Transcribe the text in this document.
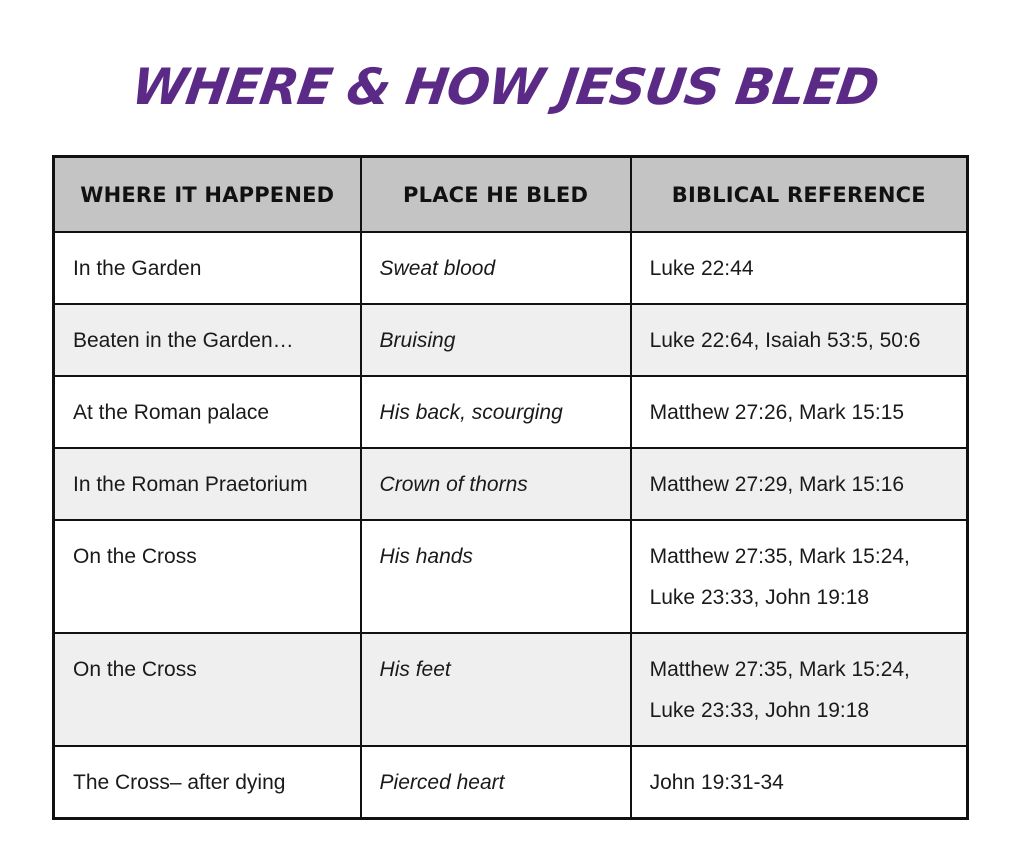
WHERE & HOW JESUS BLED
WHERE IT HAPPENED	PLACE HE BLED	BIBLICAL REFERENCE
In the Garden	Sweat blood	Luke 22:44

Beaten in the Garden…	Bruising	Luke 22:64, Isaiah 53:5, 50:6

At the Roman palace	His back, scourging	Matthew 27:26, Mark 15:15

In the Roman Praetorium	Crown of thorns	Matthew 27:29, Mark 15:16

On the Cross	His hands	Matthew 27:35, Mark 15:24,
Luke 23:33, John 19:18

On the Cross	His feet	Matthew 27:35, Mark 15:24,
Luke 23:33, John 19:18

The Cross– after dying	Pierced heart	John 19:31-34
